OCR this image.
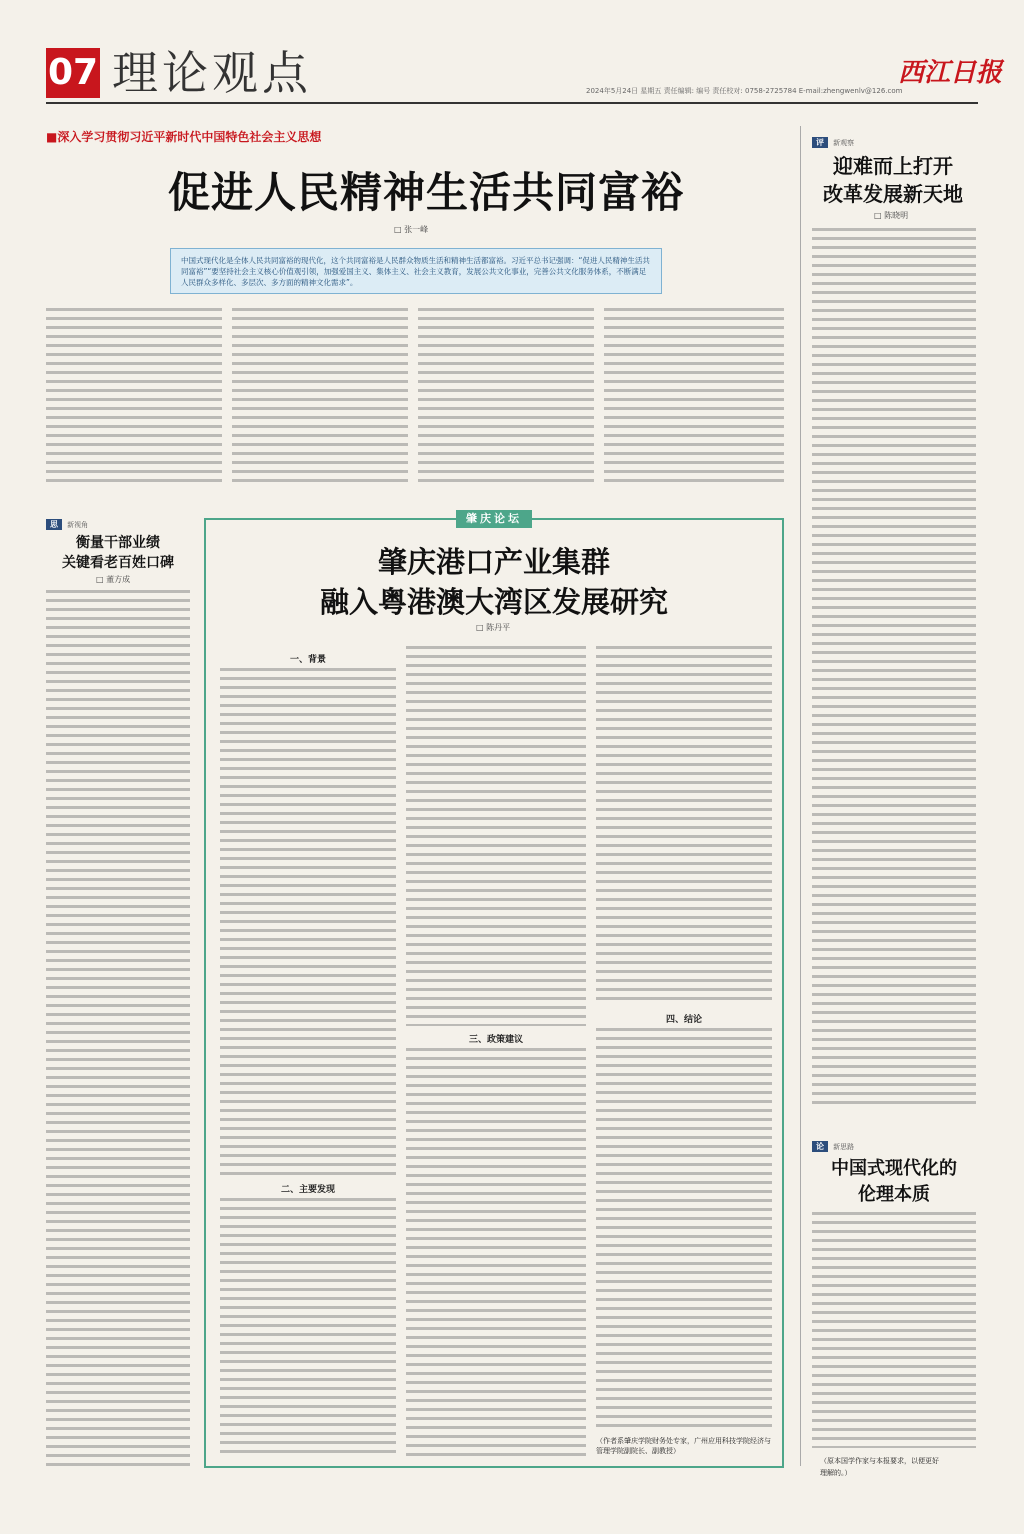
07 理论观点	2024年5月24日 星期五 责任编辑: 编号 责任校对: 0758-2725784 E-mail:zhengwenlv@126.com
西江日报
■深入学习贯彻习近平新时代中国特色社会主义思想
促进人民精神生活共同富裕
□ 张一峰
中国式现代化是全体人民共同富裕的现代化，这个共同富裕是人民群众物质生活和精神生活都富裕。习近平总书记强调：“促进人民精神生活共同富裕”“要坚持社会主义核心价值观引领，加强爱国主义、集体主义、社会主义教育，发展公共文化事业，完善公共文化服务体系，不断满足人民群众多样化、多层次、多方面的精神文化需求”。
评 新观察
迎难而上打开
改革发展新天地
□ 陈晓明
思 新视角
衡量干部业绩
关键看老百姓口碑
□ 董方成
肇庆论坛
肇庆港口产业集群
融入粤港澳大湾区发展研究
□ 陈丹平
一、背景
二、主要发现
三、政策建议
四、结论
（作者系肇庆学院财务处专家，广州应用科技学院经济与管理学院副院长、副教授）
论 新思路
中国式现代化的
伦理本质
（原本国学作家与本报要求，以便更好
理解的。）
